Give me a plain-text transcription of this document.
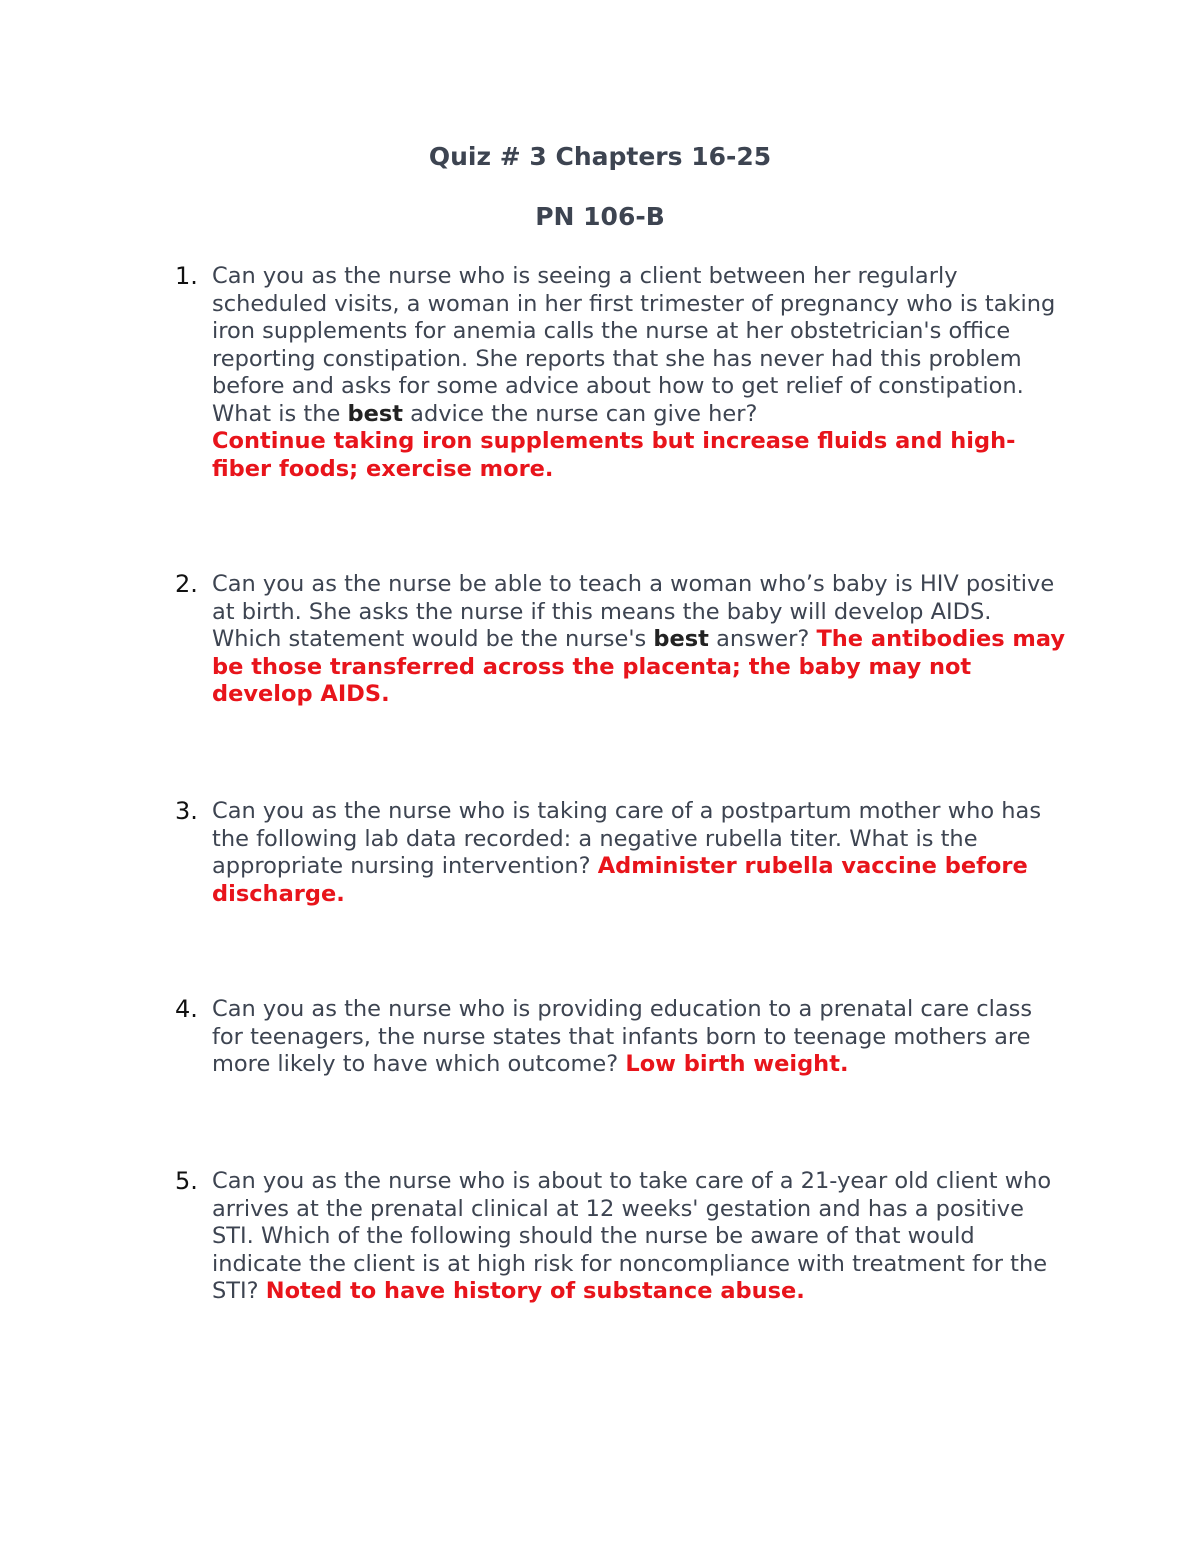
Quiz # 3 Chapters 16-25
PN 106-B
1. Can you as the nurse who is seeing a client between her regularly scheduled visits, a woman in her first trimester of pregnancy who is taking iron supplements for anemia calls the nurse at her obstetrician's office reporting constipation. She reports that she has never had this problem before and asks for some advice about how to get relief of constipation. What is the best advice the nurse can give her?
Continue taking iron supplements but increase fluids and high-fiber foods; exercise more.
2. Can you as the nurse be able to teach a woman who’s baby is HIV positive at birth. She asks the nurse if this means the baby will develop AIDS. Which statement would be the nurse's best answer? The antibodies may be those transferred across the placenta; the baby may not develop AIDS.
3. Can you as the nurse who is taking care of a postpartum mother who has the following lab data recorded: a negative rubella titer. What is the appropriate nursing intervention? Administer rubella vaccine before discharge.
4. Can you as the nurse who is providing education to a prenatal care class for teenagers, the nurse states that infants born to teenage mothers are more likely to have which outcome? Low birth weight.
5. Can you as the nurse who is about to take care of a 21-year old client who arrives at the prenatal clinical at 12 weeks' gestation and has a positive STI. Which of the following should the nurse be aware of that would indicate the client is at high risk for noncompliance with treatment for the STI? Noted to have history of substance abuse.
